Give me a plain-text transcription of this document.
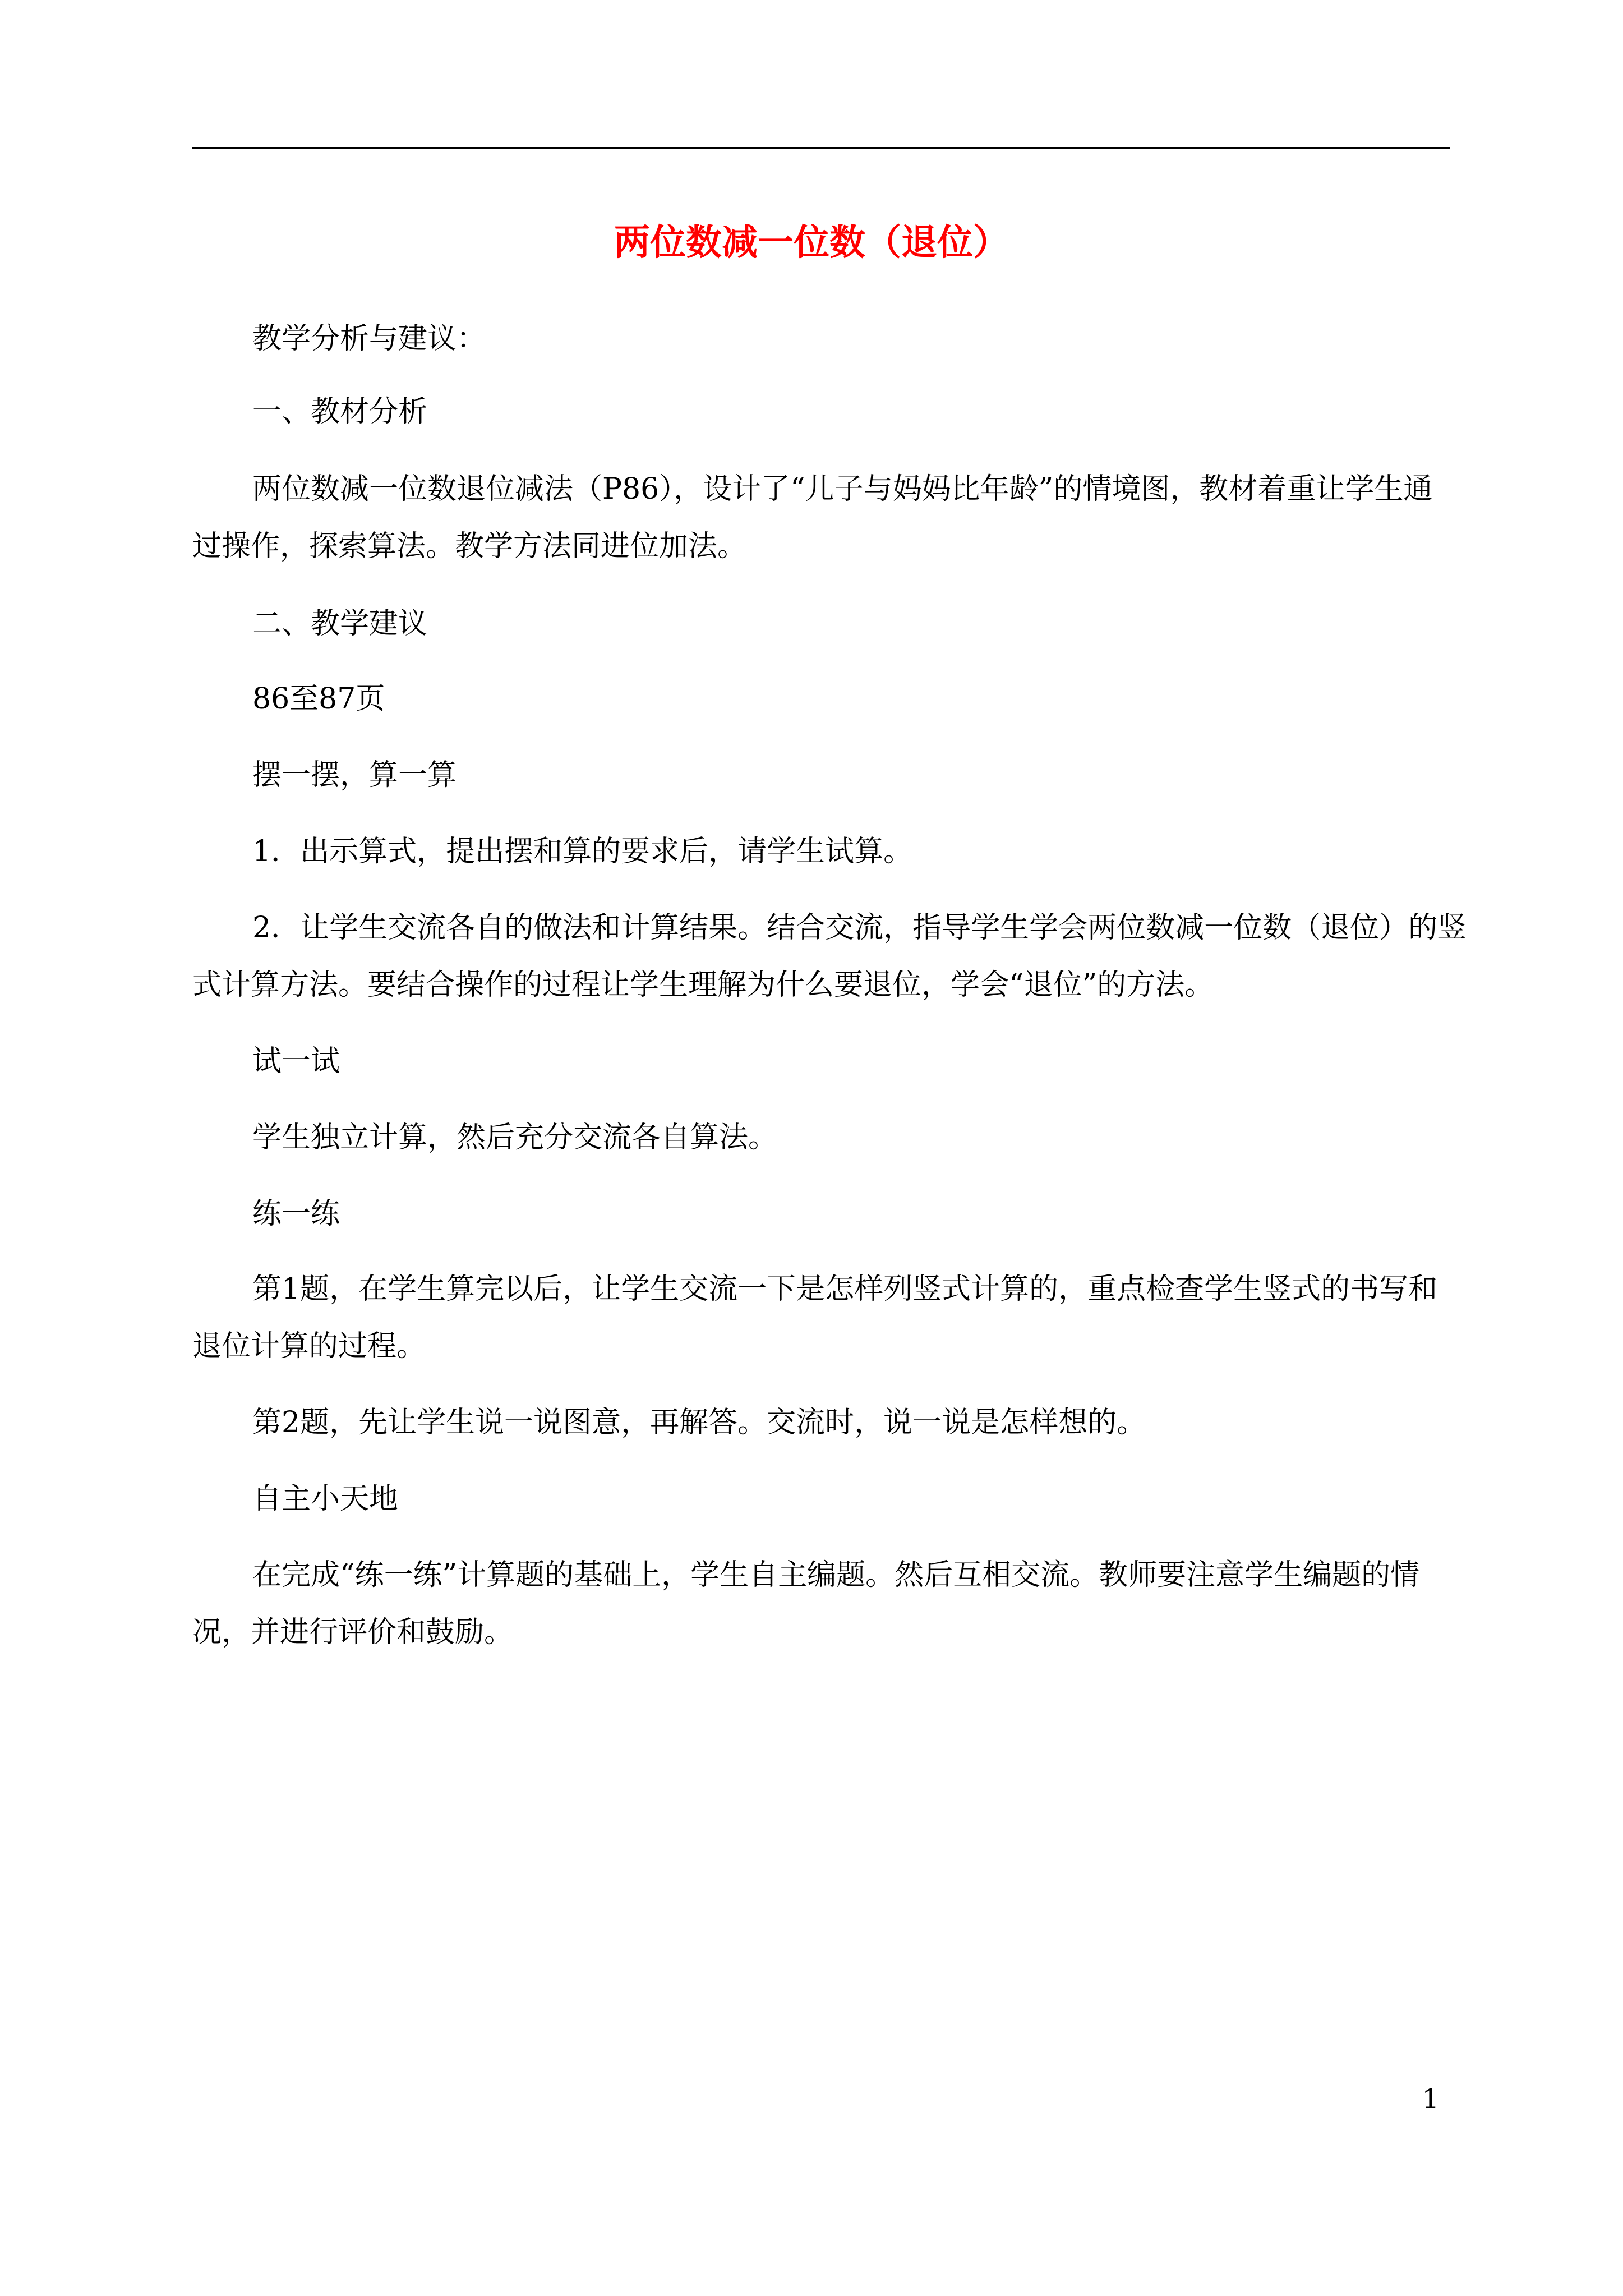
两位数减一位数（退位）

教学分析与建议：

一、教材分析

两位数减一位数退位减法（P86），设计了“儿子与妈妈比年龄”的情境图，教材着重让学生通

过操作，探索算法。教学方法同进位加法。

二、教学建议

86至87页

摆一摆，算一算

1．出示算式，提出摆和算的要求后，请学生试算。

2．让学生交流各自的做法和计算结果。结合交流，指导学生学会两位数减一位数（退位）的竖

式计算方法。要结合操作的过程让学生理解为什么要退位，学会“退位”的方法。

试一试

学生独立计算，然后充分交流各自算法。

练一练

第1题，在学生算完以后，让学生交流一下是怎样列竖式计算的，重点检查学生竖式的书写和

退位计算的过程。

第2题，先让学生说一说图意，再解答。交流时，说一说是怎样想的。

自主小天地

在完成“练一练”计算题的基础上，学生自主编题。然后互相交流。教师要注意学生编题的情

况，并进行评价和鼓励。

1
